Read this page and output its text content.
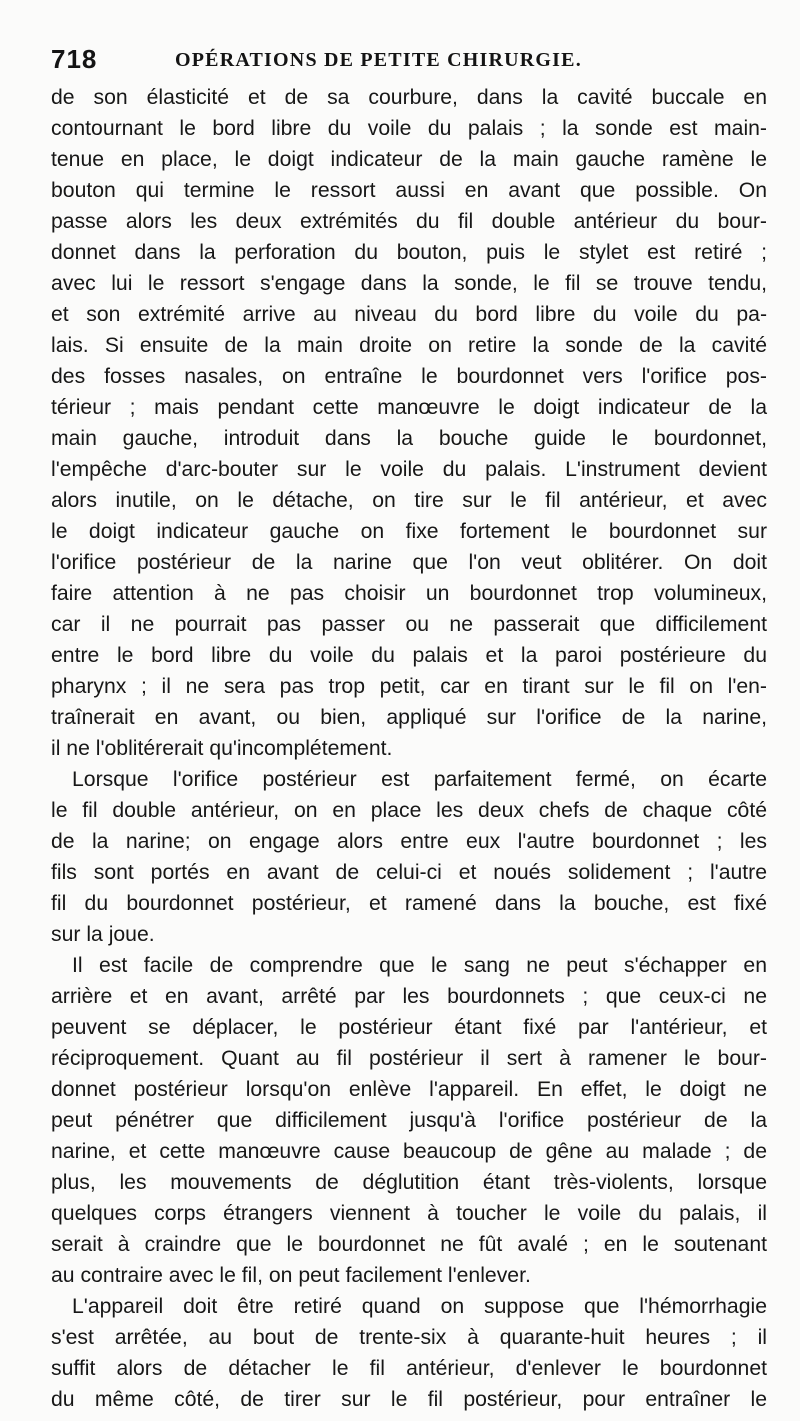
718	OPÉRATIONS DE PETITE CHIRURGIE.
de son élasticité et de sa courbure, dans la cavité buccale en
contournant le bord libre du voile du palais ; la sonde est main-
tenue en place, le doigt indicateur de la main gauche ramène le
bouton qui termine le ressort aussi en avant que possible. On
passe alors les deux extrémités du fil double antérieur du bour-
donnet dans la perforation du bouton, puis le stylet est retiré ;
avec lui le ressort s'engage dans la sonde, le fil se trouve tendu,
et son extrémité arrive au niveau du bord libre du voile du pa-
lais. Si ensuite de la main droite on retire la sonde de la cavité
des fosses nasales, on entraîne le bourdonnet vers l'orifice pos-
térieur ; mais pendant cette manœuvre le doigt indicateur de la
main gauche, introduit dans la bouche guide le bourdonnet,
l'empêche d'arc-bouter sur le voile du palais. L'instrument devient
alors inutile, on le détache, on tire sur le fil antérieur, et avec
le doigt indicateur gauche on fixe fortement le bourdonnet sur
l'orifice postérieur de la narine que l'on veut oblitérer. On doit
faire attention à ne pas choisir un bourdonnet trop volumineux,
car il ne pourrait pas passer ou ne passerait que difficilement
entre le bord libre du voile du palais et la paroi postérieure du
pharynx ; il ne sera pas trop petit, car en tirant sur le fil on l'en-
traînerait en avant, ou bien, appliqué sur l'orifice de la narine,
il ne l'oblitérerait qu'incomplétement.
Lorsque l'orifice postérieur est parfaitement fermé, on écarte
le fil double antérieur, on en place les deux chefs de chaque côté
de la narine; on engage alors entre eux l'autre bourdonnet ; les
fils sont portés en avant de celui-ci et noués solidement ; l'autre
fil du bourdonnet postérieur, et ramené dans la bouche, est fixé
sur la joue.
Il est facile de comprendre que le sang ne peut s'échapper en
arrière et en avant, arrêté par les bourdonnets ; que ceux-ci ne
peuvent se déplacer, le postérieur étant fixé par l'antérieur, et
réciproquement. Quant au fil postérieur il sert à ramener le bour-
donnet postérieur lorsqu'on enlève l'appareil. En effet, le doigt ne
peut pénétrer que difficilement jusqu'à l'orifice postérieur de la
narine, et cette manœuvre cause beaucoup de gêne au malade ; de
plus, les mouvements de déglutition étant très-violents, lorsque
quelques corps étrangers viennent à toucher le voile du palais, il
serait à craindre que le bourdonnet ne fût avalé ; en le soutenant
au contraire avec le fil, on peut facilement l'enlever.
L'appareil doit être retiré quand on suppose que l'hémorrhagie
s'est arrêtée, au bout de trente-six à quarante-huit heures ; il
suffit alors de détacher le fil antérieur, d'enlever le bourdonnet
du même côté, de tirer sur le fil postérieur, pour entraîner le
